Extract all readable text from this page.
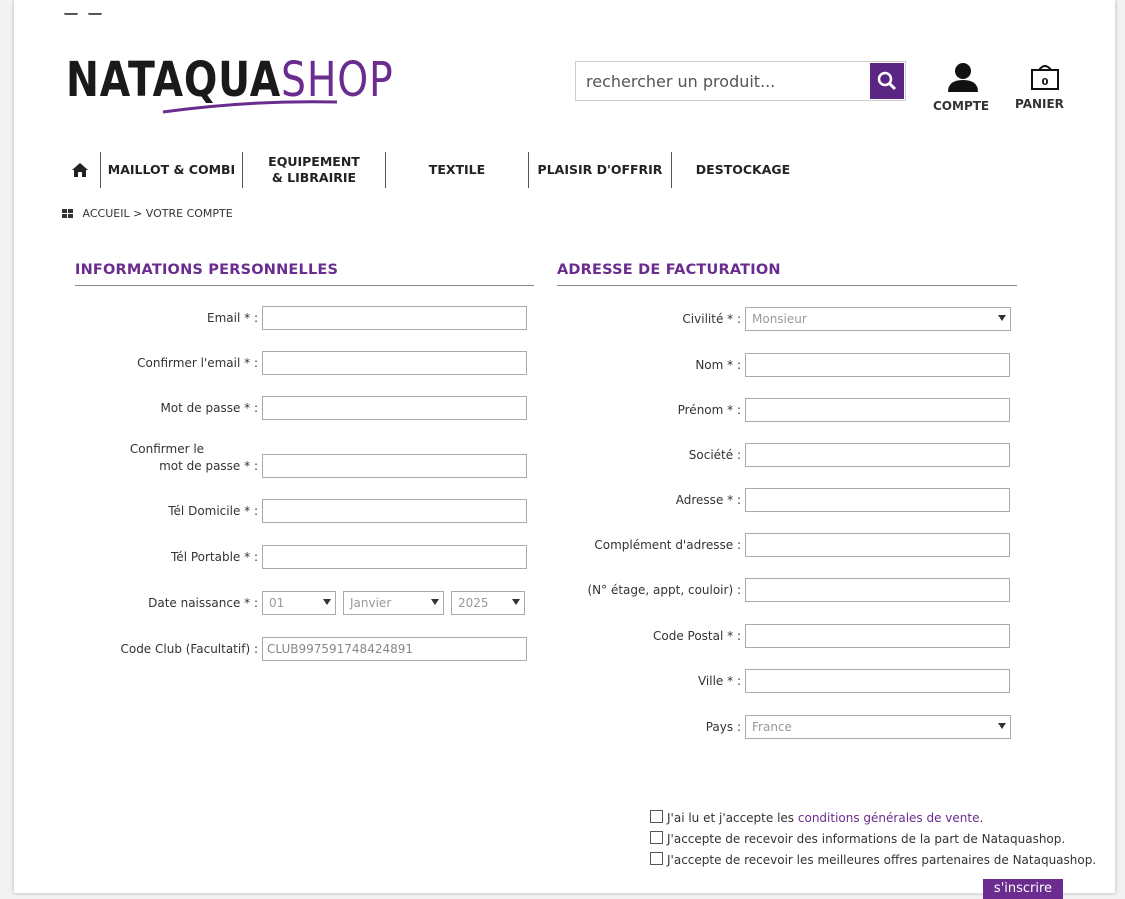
NATAQUASHOP
rechercher un produit...	COMPTE
0
PANIER
MAILLOT & COMBI
EQUIPEMENT & LIBRAIRIE
TEXTILE	PLAISIR D'OFFRIR	DESTOCKAGE
ACCUEIL > VOTRE COMPTE
INFORMATIONS PERSONNELLES
Email * :
Confirmer l'email * :
Mot de passe * :
Confirmer le
mot de passe * :
Tél Domicile * :
Tél Portable * :
Date naissance * : 01	Janvier	2025
Code Club (Facultatif) :
CLUB997591748424891
ADRESSE DE FACTURATION
Civilité * : Monsieur
Nom * :
Prénom * :
Société :
Adresse * :
Complément d'adresse :
(N° étage, appt, couloir) :
Code Postal * :
Ville * :
Pays : France
J'ai lu et j'accepte les conditions générales de vente.
J'accepte de recevoir des informations de la part de Nataquashop.
J'accepte de recevoir les meilleures offres partenaires de Nataquashop.
s'inscrire
